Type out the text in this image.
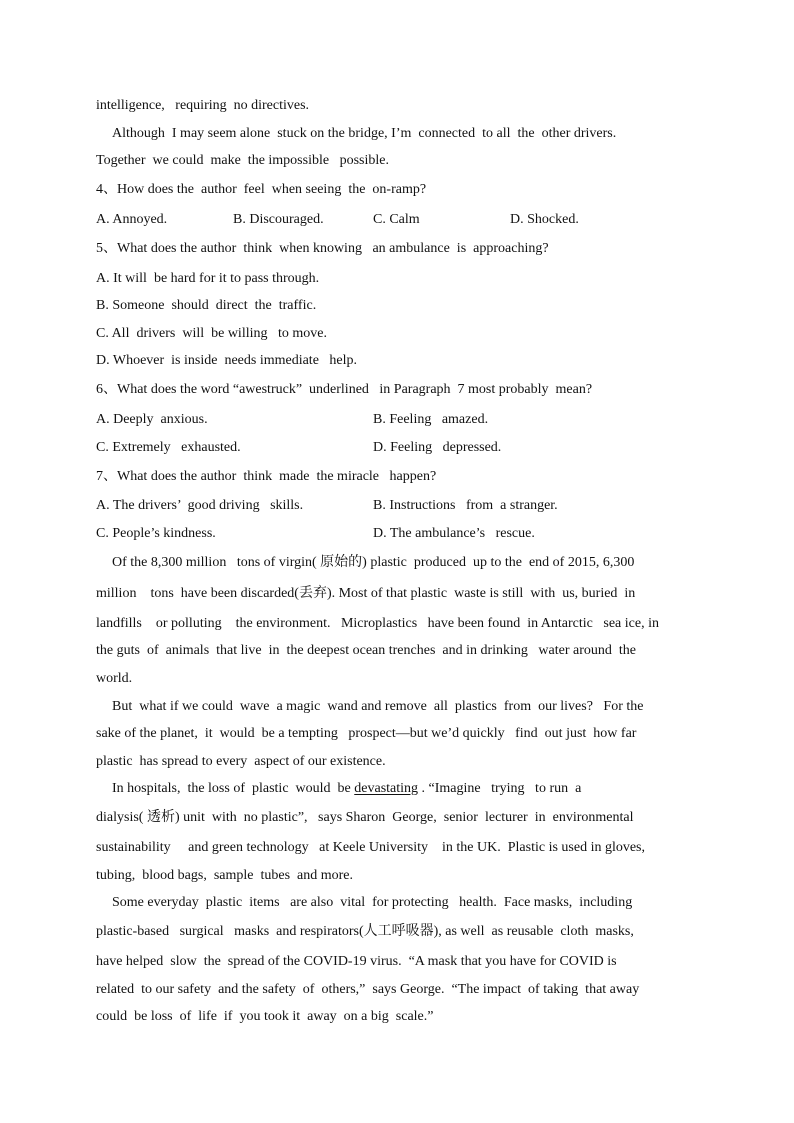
intelligence,   requiring  no directives.
Although  I may seem alone  stuck on the bridge, I’m  connected  to all  the  other drivers.
Together  we could  make  the impossible   possible.
4、How does the  author  feel  when seeing  the  on-ramp?
A. Annoyed.	B. Discouraged.	C. Calm	D. Shocked.
5、What does the author  think  when knowing   an ambulance  is  approaching?
A. It will  be hard for it to pass through.
B. Someone  should  direct  the  traffic.
C. All  drivers  will  be willing   to move.
D. Whoever  is inside  needs immediate   help.
6、What does the word “awestruck”  underlined   in Paragraph  7 most probably  mean?
A. Deeply  anxious.	B. Feeling   amazed.
C. Extremely   exhausted.	D. Feeling   depressed.
7、What does the author  think  made  the miracle   happen?
A. The drivers’  good driving   skills.	B. Instructions   from  a stranger.
C. People’s kindness.	D. The ambulance’s   rescue.
Of the 8,300 million   tons of virgin( 原始的) plastic  produced  up to the  end of 2015, 6,300
million    tons  have been discarded(丢弃). Most of that plastic  waste is still  with  us, buried  in
landfills    or polluting    the environment.   Microplastics   have been found  in Antarctic   sea ice, in
the guts  of  animals  that live  in  the deepest ocean trenches  and in drinking   water around  the
world.
But  what if we could  wave  a magic  wand and remove  all  plastics  from  our lives?   For the
sake of the planet,  it  would  be a tempting   prospect—but we’d quickly   find  out just  how far
plastic  has spread to every  aspect of our existence.
In hospitals,  the loss of  plastic  would  be devastating . “Imagine   trying   to run  a
dialysis( 透析) unit  with  no plastic”,   says Sharon  George,  senior  lecturer  in  environmental
sustainability     and green technology   at Keele University    in the UK.  Plastic is used in gloves,
tubing,  blood bags,  sample  tubes  and more.
Some everyday  plastic  items   are also  vital  for protecting   health.  Face masks,  including
plastic-based   surgical   masks  and respirators(人工呼吸器), as well  as reusable  cloth  masks,
have helped  slow  the  spread of the COVID-19 virus.  “A mask that you have for COVID is
related  to our safety  and the safety  of  others,”  says George.  “The impact  of taking  that away
could  be loss  of  life  if  you took it  away  on a big  scale.”
